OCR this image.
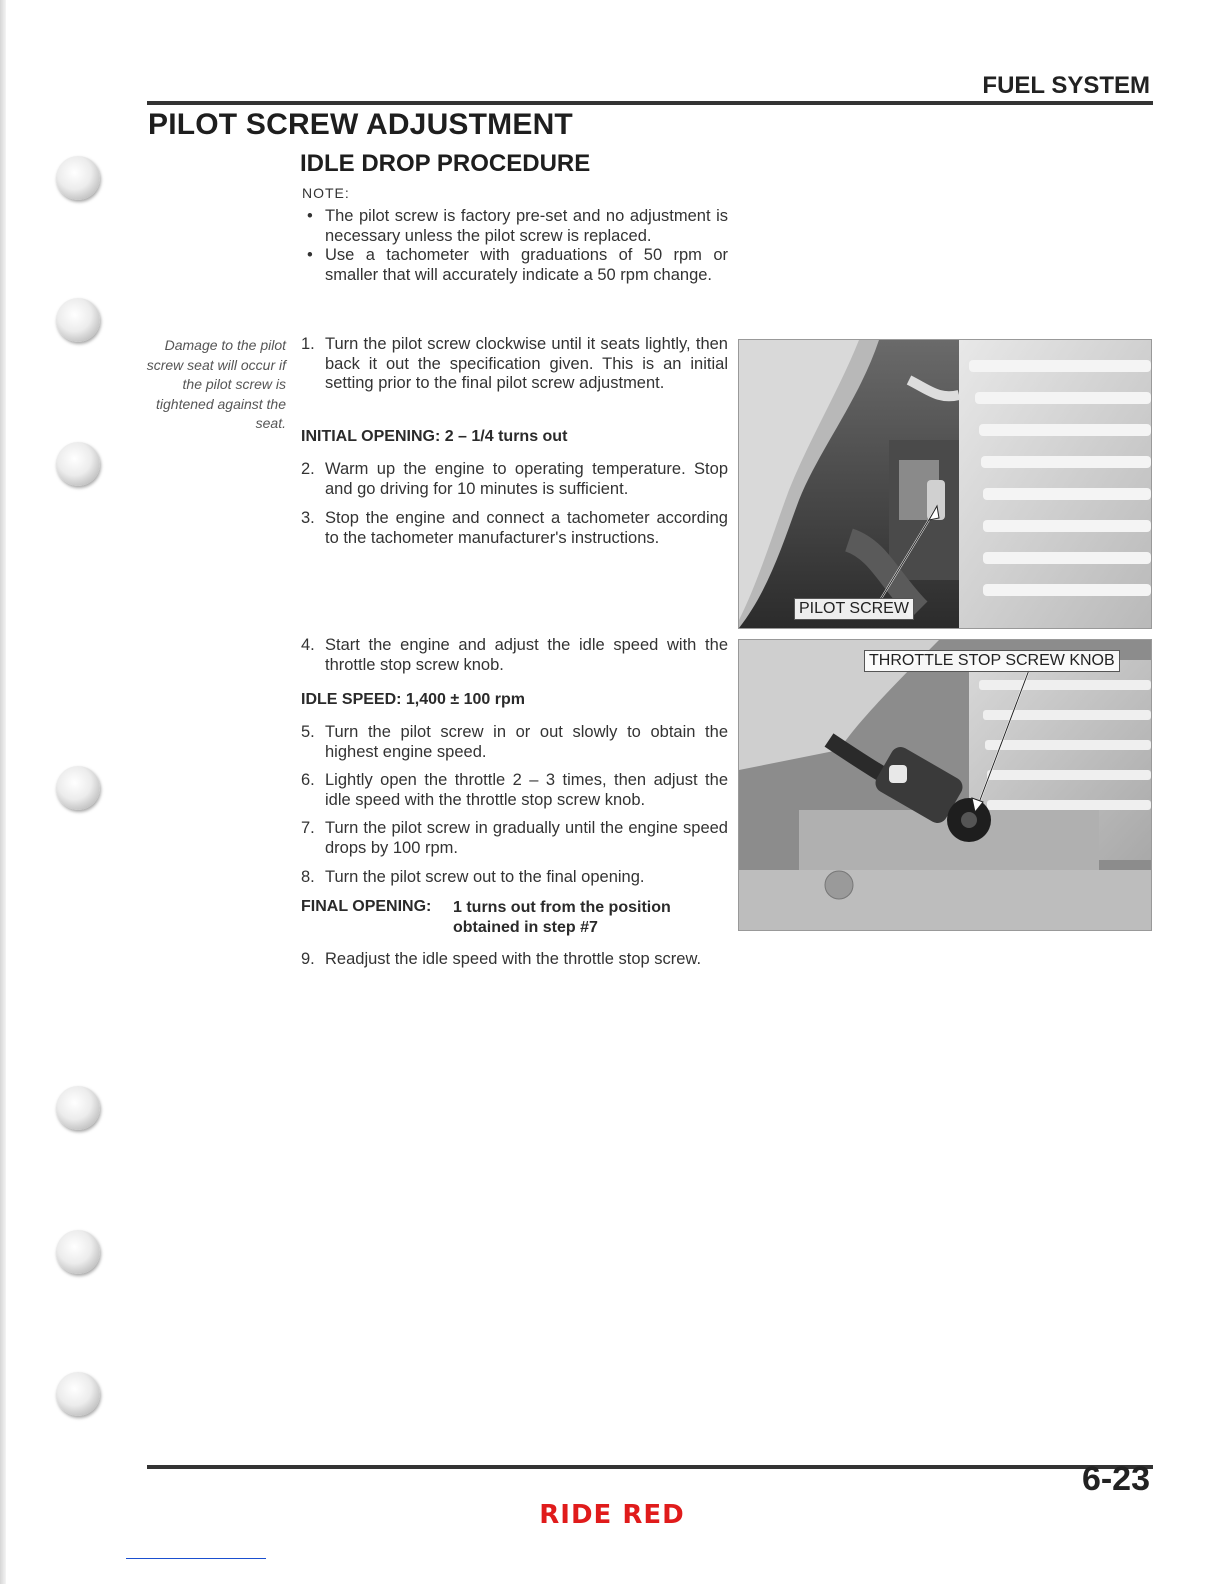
FUEL SYSTEM
PILOT SCREW ADJUSTMENT
IDLE DROP PROCEDURE
NOTE:

• The pilot screw is factory pre-set and no adjustment is necessary unless the pilot screw is replaced.

• Use a tachometer with graduations of 50 rpm or smaller that will accurately indicate a 50 rpm change.

Damage to the pilot screw seat will occur if the pilot screw is tightened against the seat.

1. Turn the pilot screw clockwise until it seats lightly, then back it out the specification given. This is an initial setting prior to the final pilot screw adjustment.

INITIAL OPENING: 2 – 1/4 turns out

2. Warm up the engine to operating temperature. Stop and go driving for 10 minutes is sufficient.

3. Stop the engine and connect a tachometer according to the tachometer manufacturer's instructions.

4. Start the engine and adjust the idle speed with the throttle stop screw knob.

IDLE SPEED: 1,400 ± 100 rpm

5. Turn the pilot screw in or out slowly to obtain the highest engine speed.

6. Lightly open the throttle 2 – 3 times, then adjust the idle speed with the throttle stop screw knob.

7. Turn the pilot screw in gradually until the engine speed drops by 100 rpm.

8. Turn the pilot screw out to the final opening.

FINAL OPENING: 1 turns out from the position
obtained in step #7

9. Readjust the idle speed with the throttle stop screw.

PILOT SCREW
THROTTLE STOP SCREW KNOB
6-23
RIDE RED
